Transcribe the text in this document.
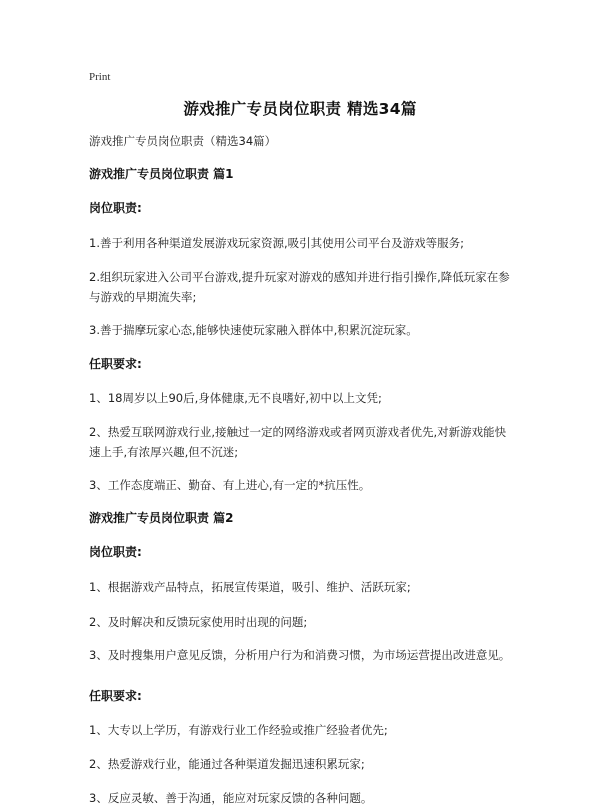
Print
游戏推广专员岗位职责 精选34篇

游戏推广专员岗位职责（精选34篇）

游戏推广专员岗位职责 篇1

岗位职责:

1.善于利用各种渠道发展游戏玩家资源,吸引其使用公司平台及游戏等服务;

2.组织玩家进入公司平台游戏,提升玩家对游戏的感知并进行指引操作,降低玩家在参与游戏的早期流失率;

3.善于揣摩玩家心态,能够快速使玩家融入群体中,积累沉淀玩家。

任职要求:

1、18周岁以上90后,身体健康,无不良嗜好,初中以上文凭;

2、热爱互联网游戏行业,接触过一定的网络游戏或者网页游戏者优先,对新游戏能快速上手,有浓厚兴趣,但不沉迷;

3、工作态度端正、勤奋、有上进心,有一定的*抗压性。

游戏推广专员岗位职责 篇2

岗位职责:

1、根据游戏产品特点，拓展宣传渠道，吸引、维护、活跃玩家;

2、及时解决和反馈玩家使用时出现的问题;

3、及时搜集用户意见反馈，分析用户行为和消费习惯，为市场运营提出改进意见。

任职要求:

1、大专以上学历，有游戏行业工作经验或推广经验者优先;

2、热爱游戏行业，能通过各种渠道发掘迅速积累玩家;

3、反应灵敏、善于沟通，能应对玩家反馈的各种问题。
